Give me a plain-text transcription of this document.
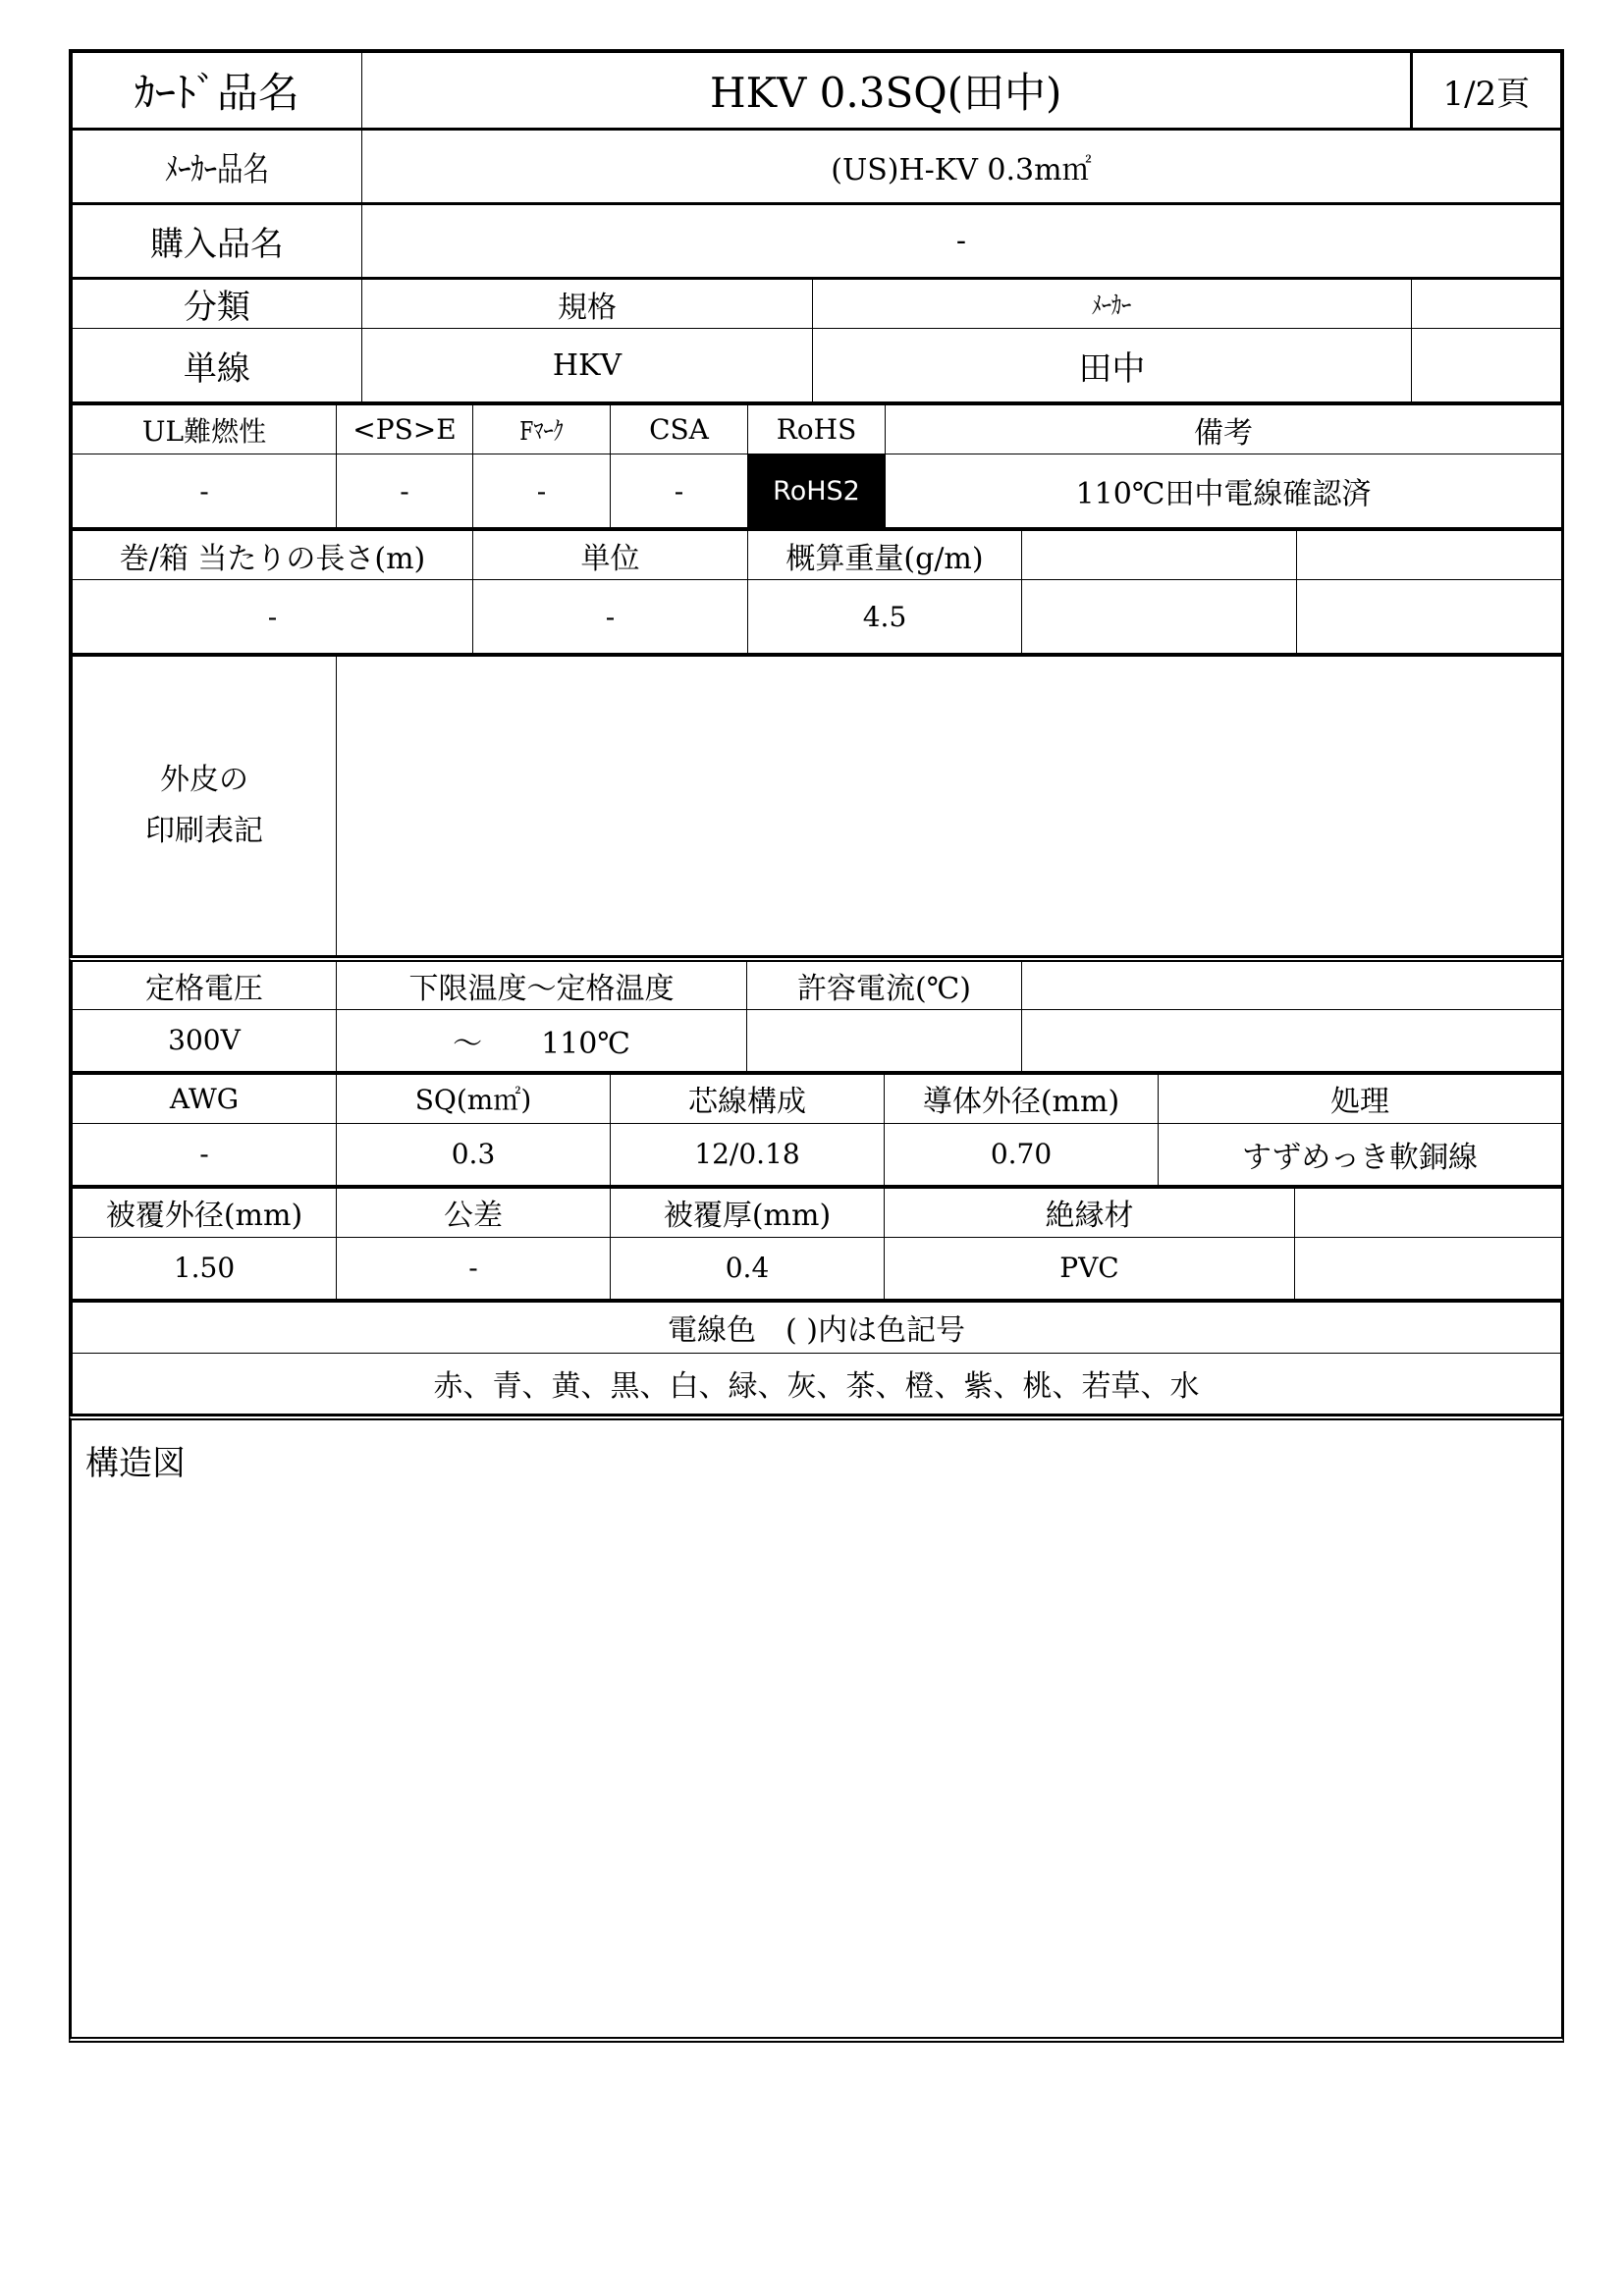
ｶｰﾄﾞ品名	HKV 0.3SQ(田中)		1/2頁
ﾒｰｶｰ品名	(US)H-KV 0.3m㎡		
購入品名	-		
分類	規格	ﾒｰｶｰ	
単線	HKV	田中	
UL難燃性	<PS>E	Fﾏｰｸ	CSA	RoHS	備考
-	-	-	-	RoHS2	110℃田中電線確認済
巻/箱 当たりの長さ(m)	単位	概算重量(g/m)		
-	-	4.5		
外皮の
印刷表記

定格電圧	下限温度～定格温度	許容電流(℃)	
300V	～　　110℃		
AWG	SQ(m㎡)	芯線構成	導体外径(mm)	処理
-	0.3	12/0.18	0.70	すずめっき軟銅線
被覆外径(mm)	公差	被覆厚(mm)	絶縁材	
1.50	-	0.4	PVC	
電線色　( )内は色記号
赤、青、黄、黒、白、緑、灰、茶、橙、紫、桃、若草、水
構造図
